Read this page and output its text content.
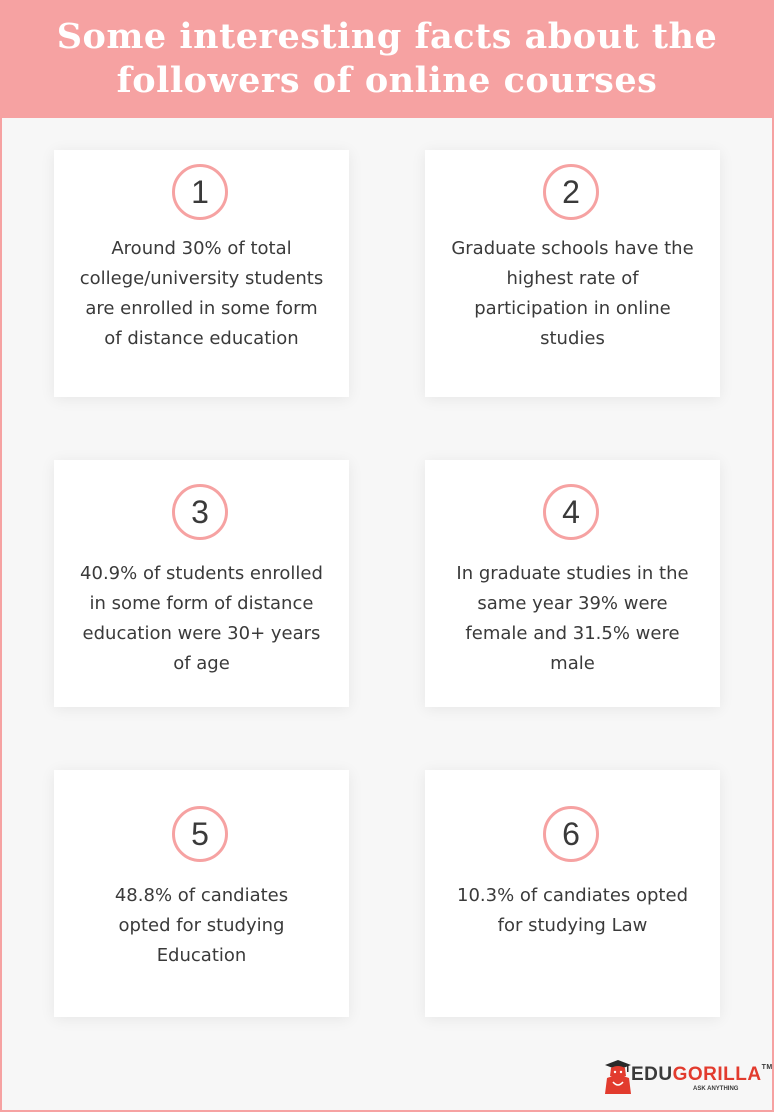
Some interesting facts about the
followers of online courses
1
Around 30% of total college/university students are enrolled in some form of distance education
2
Graduate schools have the highest rate of participation in online studies
3
40.9% of students enrolled in some form of distance education were 30+ years of age
4
In graduate studies in the same year 39% were female and 31.5% were male
5
48.8% of candiates opted for studying Education
6
10.3% of candiates opted for studying Law
EDUGORILLA™
ASK ANYTHING
